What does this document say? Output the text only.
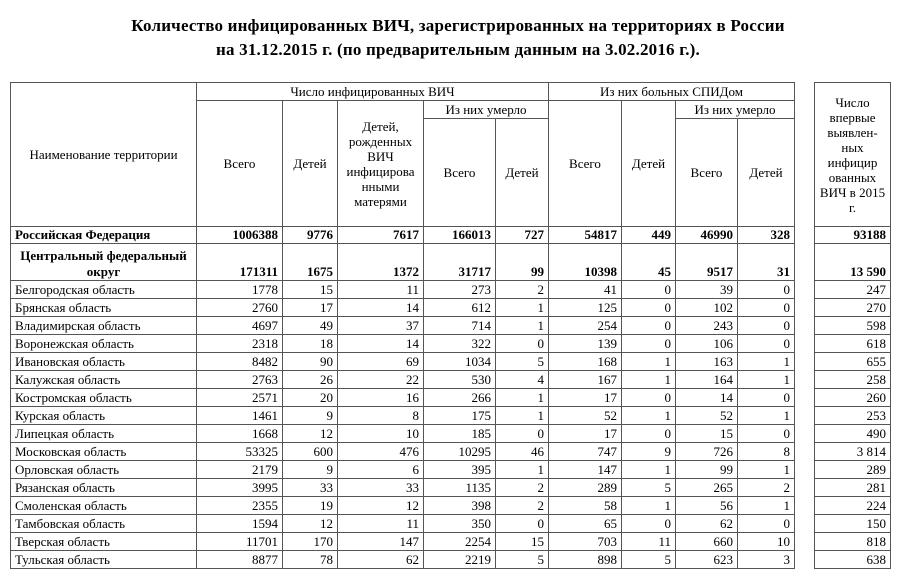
Количество инфицированных ВИЧ, зарегистрированных на территориях в России
на 31.12.2015 г. (по предварительным данным на 3.02.2016 г.).
Наименование территории	Число инфицированных ВИЧ					Из них больных СПИДом					Число впервые выявлен-ных инфицир ованных ВИЧ в 2015 г.
	Всего	Детей	Детей, рожденных ВИЧ инфицирова нными матерями	Из них умерло		Всего	Детей	Из них умерло			
				Всего	Детей			Всего	Детей		
Российская Федерация	1006388	9776	7617	166013	727	54817	449	46990	328		93188
Центральный федеральный округ	171311	1675	1372	31717	99	10398	45	9517	31		13 590
Белгородская область	1778	15	11	273	2	41	0	39	0		247
Брянская область	2760	17	14	612	1	125	0	102	0		270
Владимирская область	4697	49	37	714	1	254	0	243	0		598
Воронежская область	2318	18	14	322	0	139	0	106	0		618
Ивановская область	8482	90	69	1034	5	168	1	163	1		655
Калужская область	2763	26	22	530	4	167	1	164	1		258
Костромская область	2571	20	16	266	1	17	0	14	0		260
Курская область	1461	9	8	175	1	52	1	52	1		253
Липецкая область	1668	12	10	185	0	17	0	15	0		490
Московская область	53325	600	476	10295	46	747	9	726	8		3 814
Орловская область	2179	9	6	395	1	147	1	99	1		289
Рязанская область	3995	33	33	1135	2	289	5	265	2		281
Смоленская область	2355	19	12	398	2	58	1	56	1		224
Тамбовская область	1594	12	11	350	0	65	0	62	0		150
Тверская область	11701	170	147	2254	15	703	11	660	10		818
Тульская область	8877	78	62	2219	5	898	5	623	3		638
